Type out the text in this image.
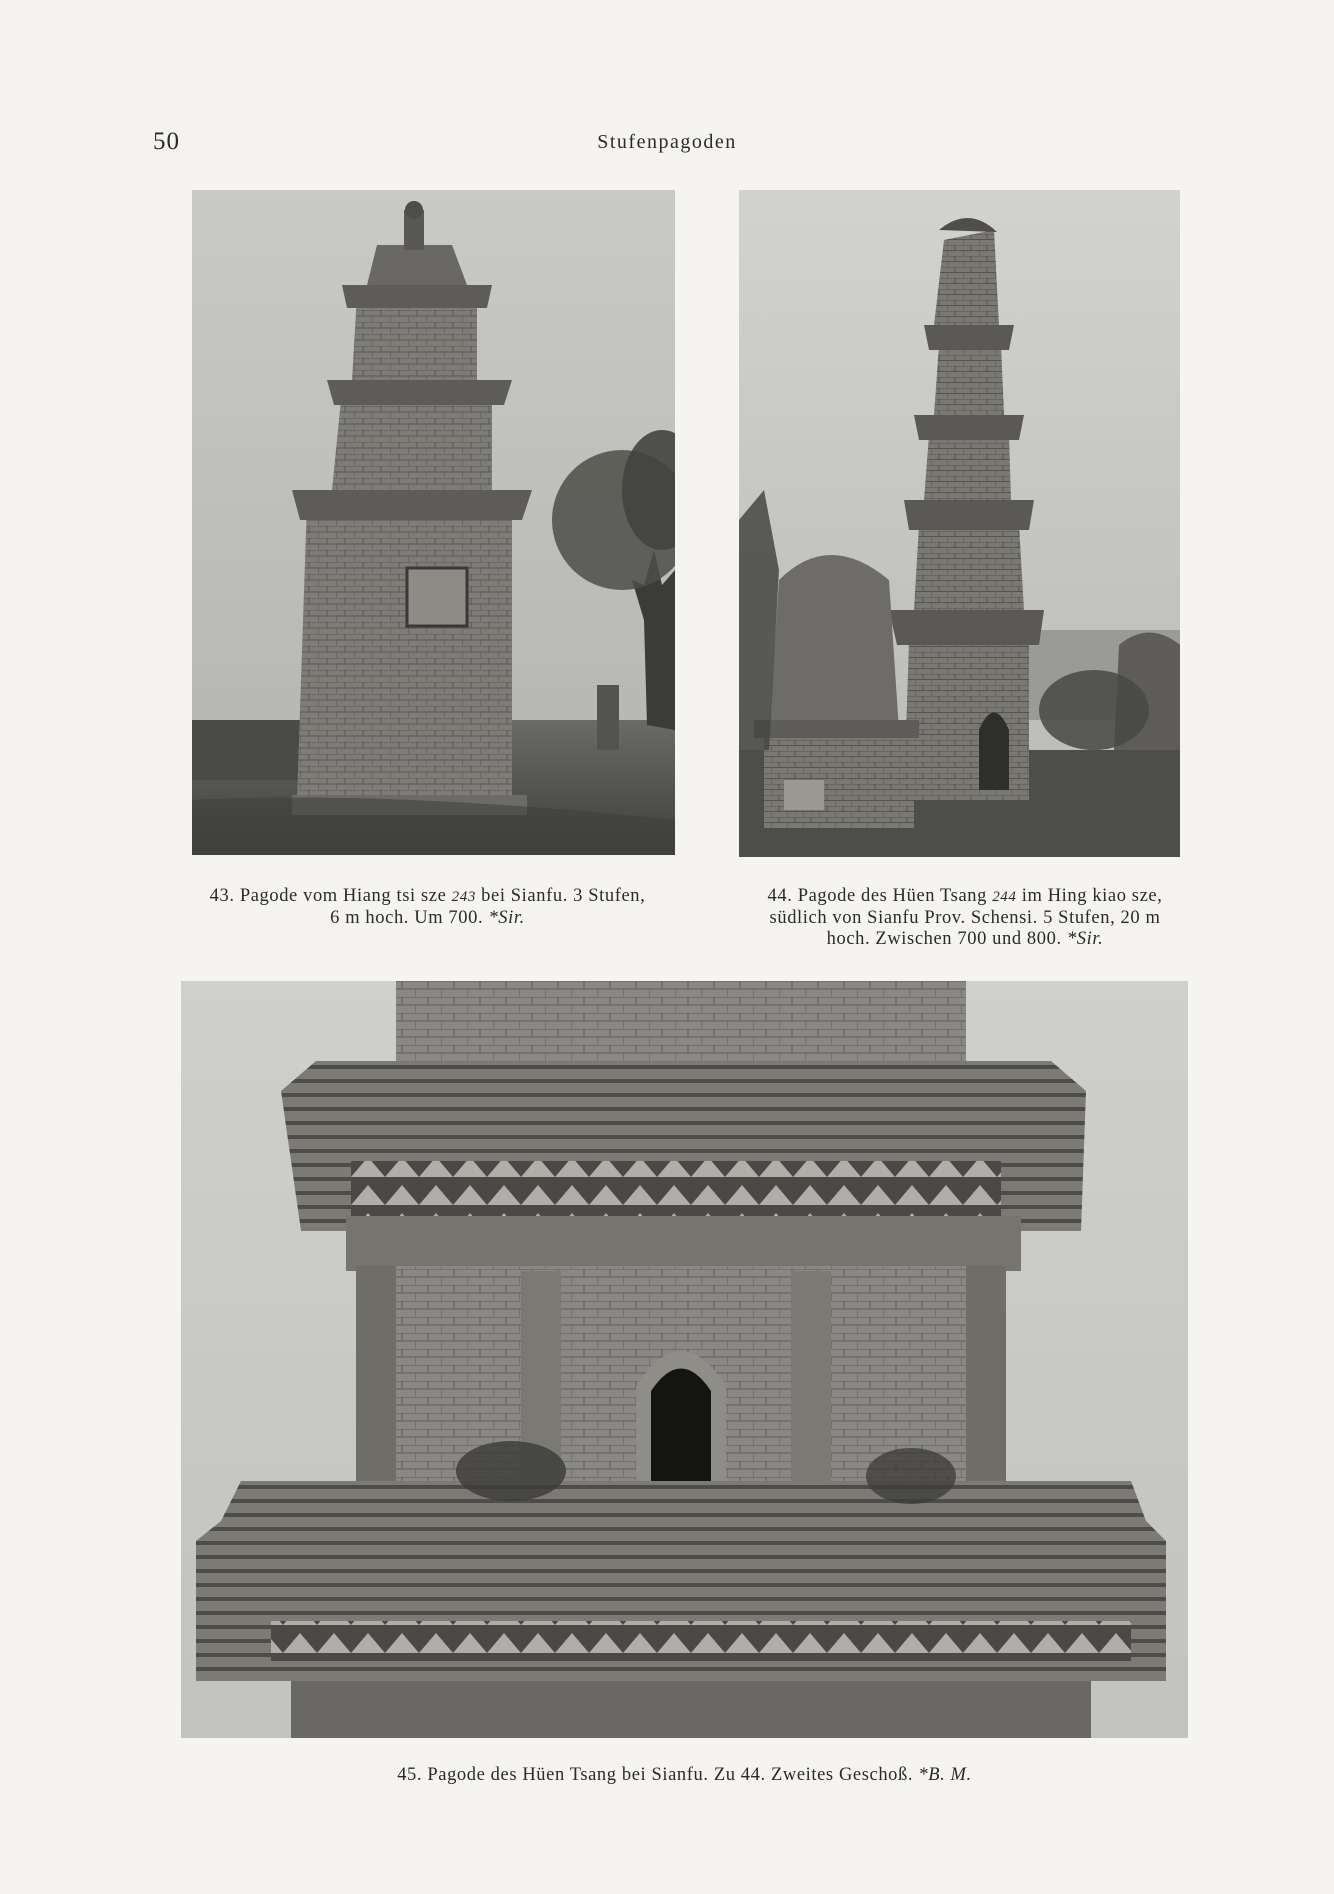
50	Stufenpagoden
43. Pagode vom Hiang tsi sze 243 bei Sianfu. 3 Stufen,
6 m hoch. Um 700. *Sir.
44. Pagode des Hüen Tsang 244 im Hing kiao sze,
südlich von Sianfu Prov. Schensi. 5 Stufen, 20 m
hoch. Zwischen 700 und 800. *Sir.
45. Pagode des Hüen Tsang bei Sianfu. Zu 44. Zweites Geschoß. *B. M.
